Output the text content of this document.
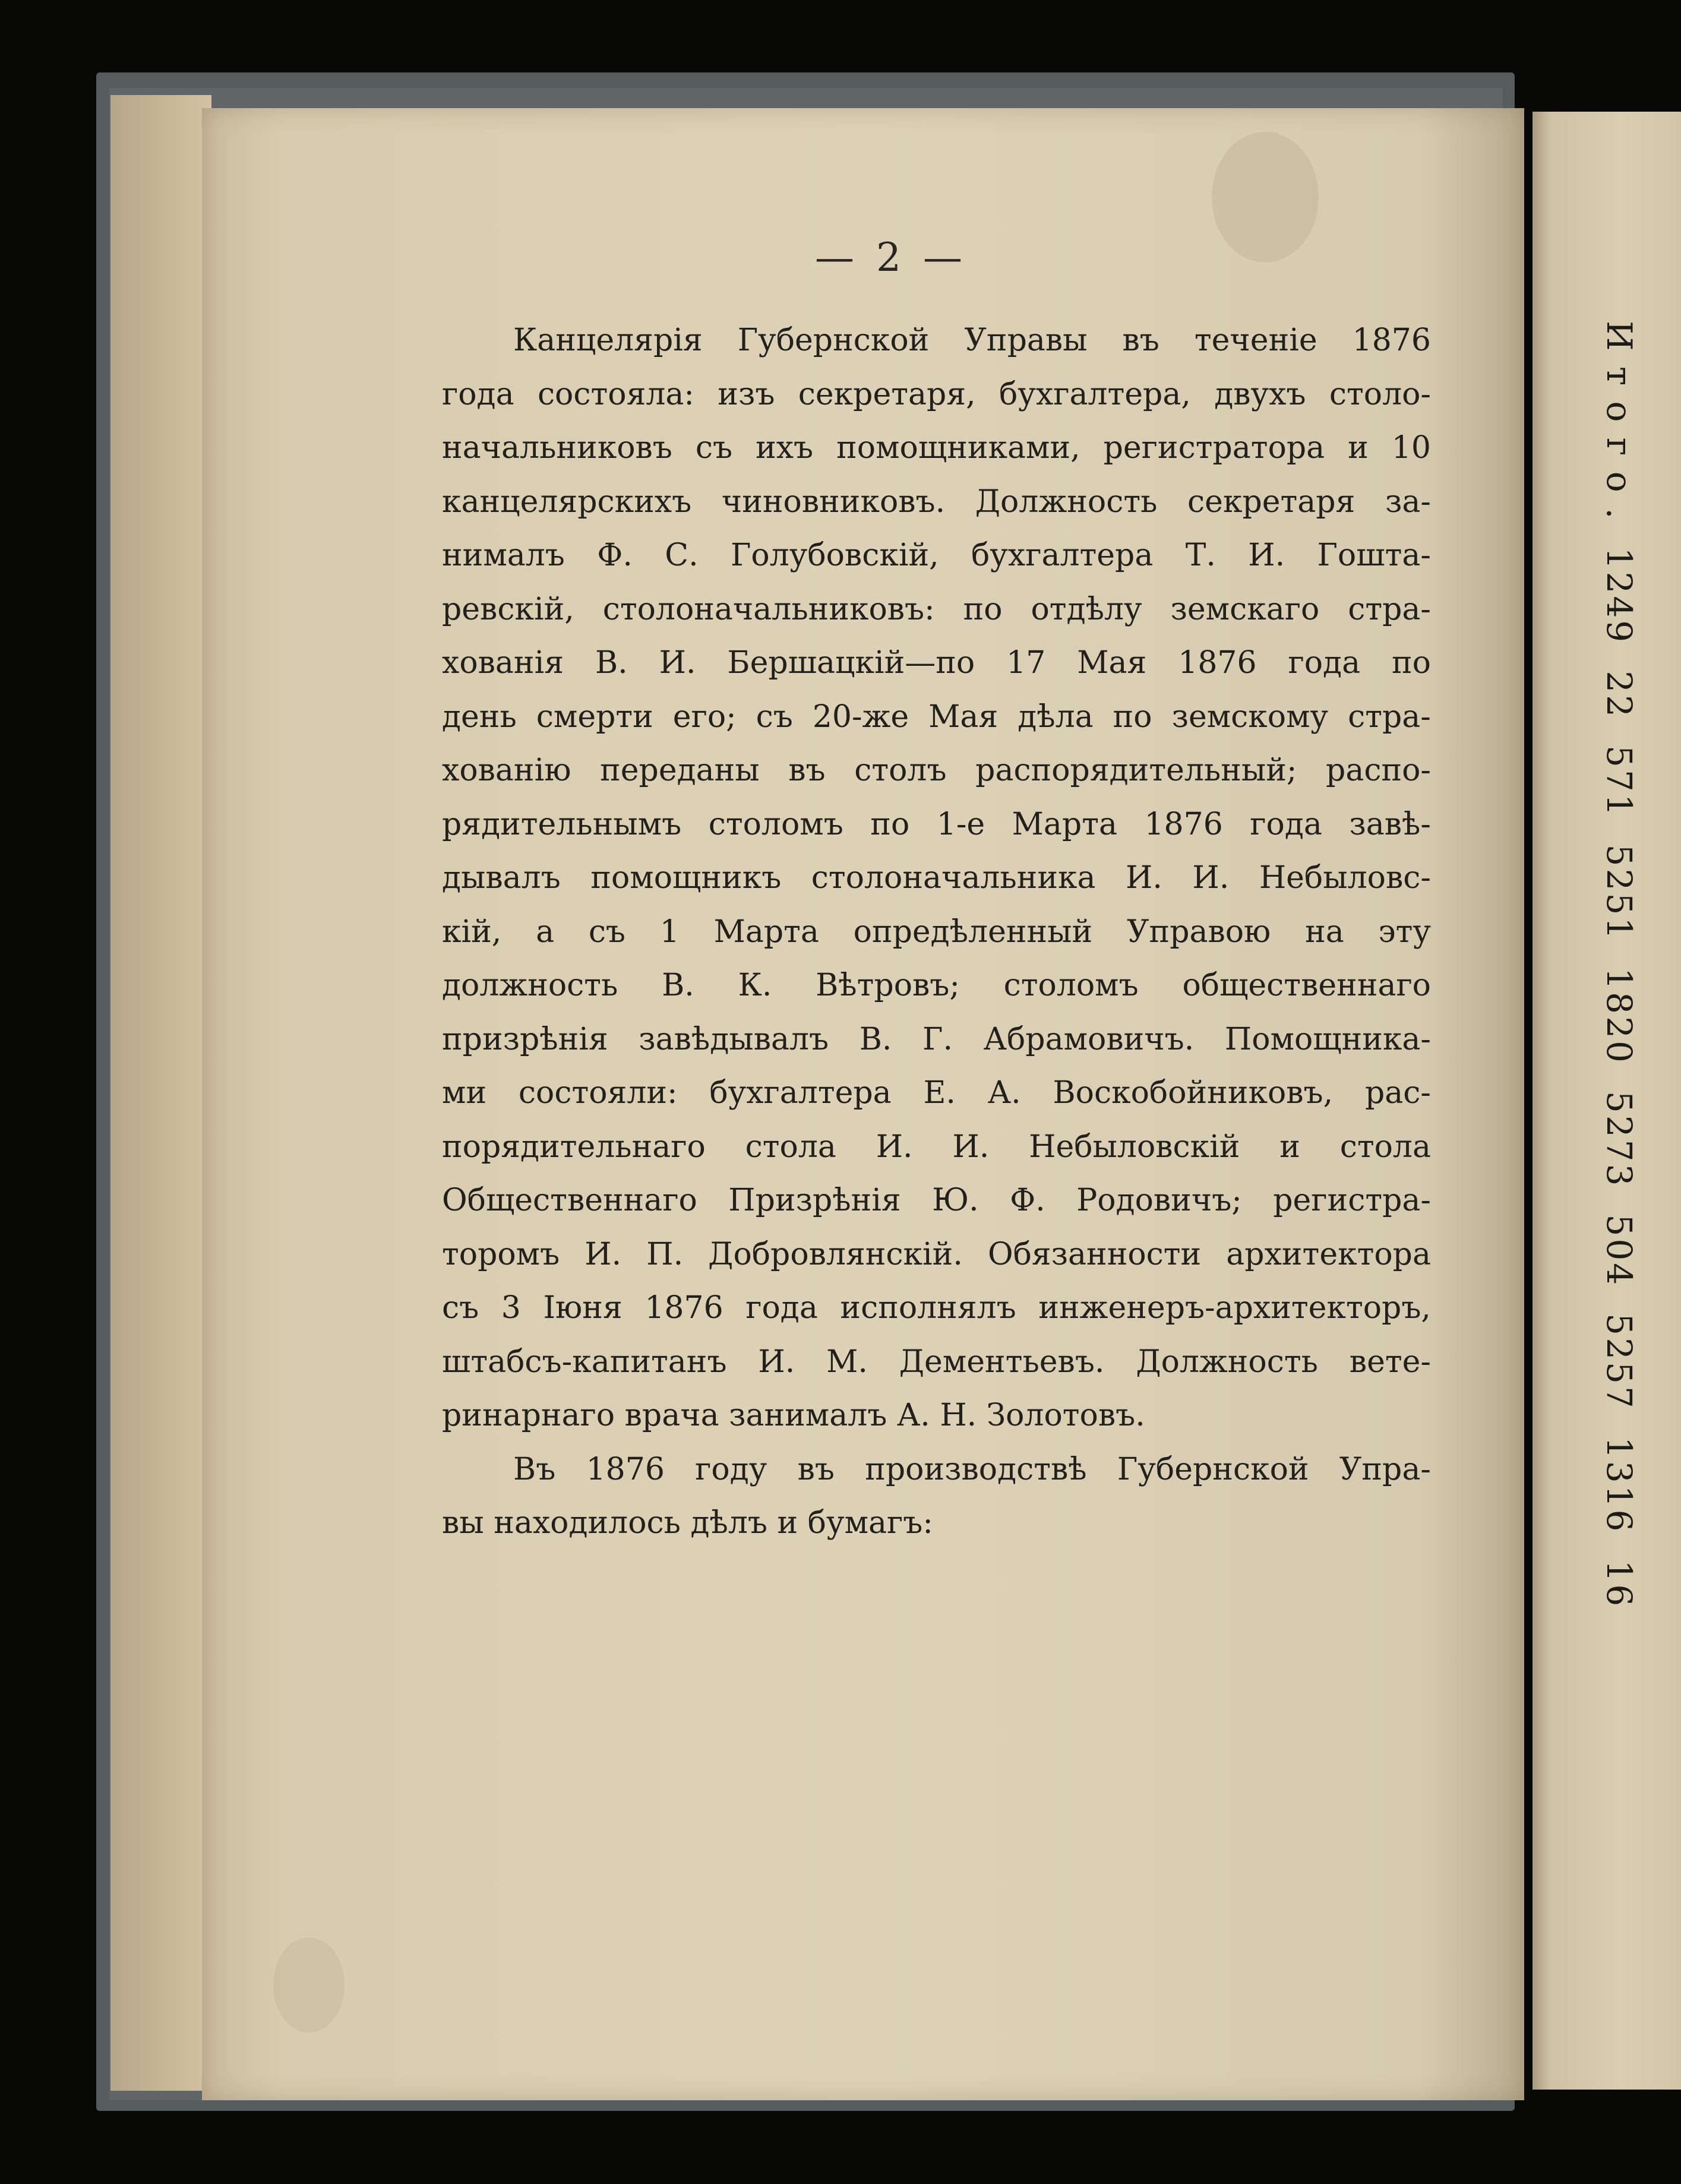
— 2 —
Канцелярія Губернской Управы въ теченіе 1876
года состояла: изъ секретаря, бухгалтера, двухъ столо-
начальниковъ съ ихъ помощниками, регистратора и 10
канцелярскихъ чиновниковъ. Должность секретаря за-
нималъ Ф. С. Голубовскій, бухгалтера Т. И. Гоштa-
ревскій, столоначальниковъ: по отдѣлу земскаго стра-
хованія В. И. Бершацкій—по 17 Мая 1876 года по
день смерти его; съ 20-же Мая дѣла по земскому стра-
хованію переданы въ столъ распорядительный; распо-
рядительнымъ столомъ по 1-е Марта 1876 года завѣ-
дывалъ помощникъ столоначальника И. И. Небыловс-
кій, а съ 1 Марта опредѣленный Управою на эту
должность В. К. Вѣтровъ; столомъ общественнаго
призрѣнія завѣдывалъ В. Г. Абрамовичъ. Помощника-
ми состояли: бухгалтера Е. А. Воскобойниковъ, рас-
порядительнаго стола И. И. Небыловскій и стола
Общественнаго Призрѣнія Ю. Ф. Родовичъ; регистра-
торомъ И. П. Добровлянскій. Обязанности архитектора
съ 3 Іюня 1876 года исполнялъ инженеръ-архитекторъ,
штабсъ-капитанъ И. М. Дементьевъ. Должность вете-
ринарнаго врача занималъ А. Н. Золотовъ.
Въ 1876 году въ производствѣ Губернской Упра-
вы находилось дѣлъ и бумагъ:
И т о г о .1249225715251182052735045257131616
